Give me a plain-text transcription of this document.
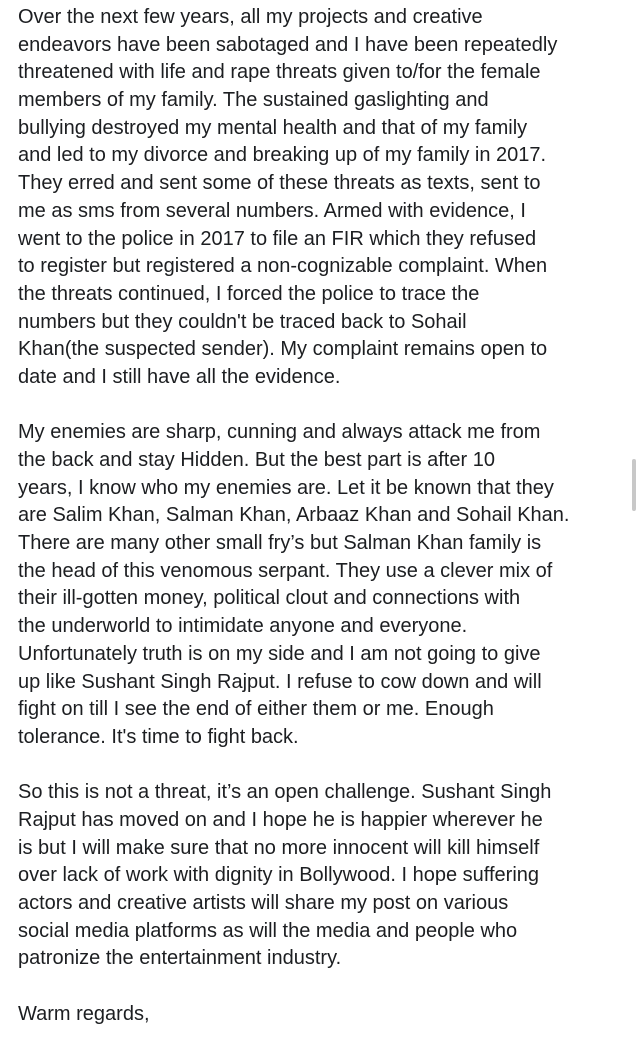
Over the next few years, all my projects and creative
endeavors have been sabotaged and I have been repeatedly
threatened with life and rape threats given to/for the female
members of my family. The sustained gaslighting and
bullying destroyed my mental health and that of my family
and led to my divorce and breaking up of my family in 2017.
They erred and sent some of these threats as texts, sent to
me as sms from several numbers. Armed with evidence, I
went to the police in 2017 to file an FIR which they refused
to register but registered a non-cognizable complaint. When
the threats continued, I forced the police to trace the
numbers but they couldn't be traced back to Sohail
Khan(the suspected sender). My complaint remains open to
date and I still have all the evidence.
My enemies are sharp, cunning and always attack me from
the back and stay Hidden. But the best part is after 10
years, I know who my enemies are. Let it be known that they
are Salim Khan, Salman Khan, Arbaaz Khan and Sohail Khan.
There are many other small fry’s but Salman Khan family is
the head of this venomous serpant. They use a clever mix of
their ill-gotten money, political clout and connections with
the underworld to intimidate anyone and everyone.
Unfortunately truth is on my side and I am not going to give
up like Sushant Singh Rajput. I refuse to cow down and will
fight on till I see the end of either them or me. Enough
tolerance. It's time to fight back.
So this is not a threat, it’s an open challenge. Sushant Singh
Rajput has moved on and I hope he is happier wherever he
is but I will make sure that no more innocent will kill himself
over lack of work with dignity in Bollywood. I hope suffering
actors and creative artists will share my post on various
social media platforms as will the media and people who
patronize the entertainment industry.
Warm regards,
